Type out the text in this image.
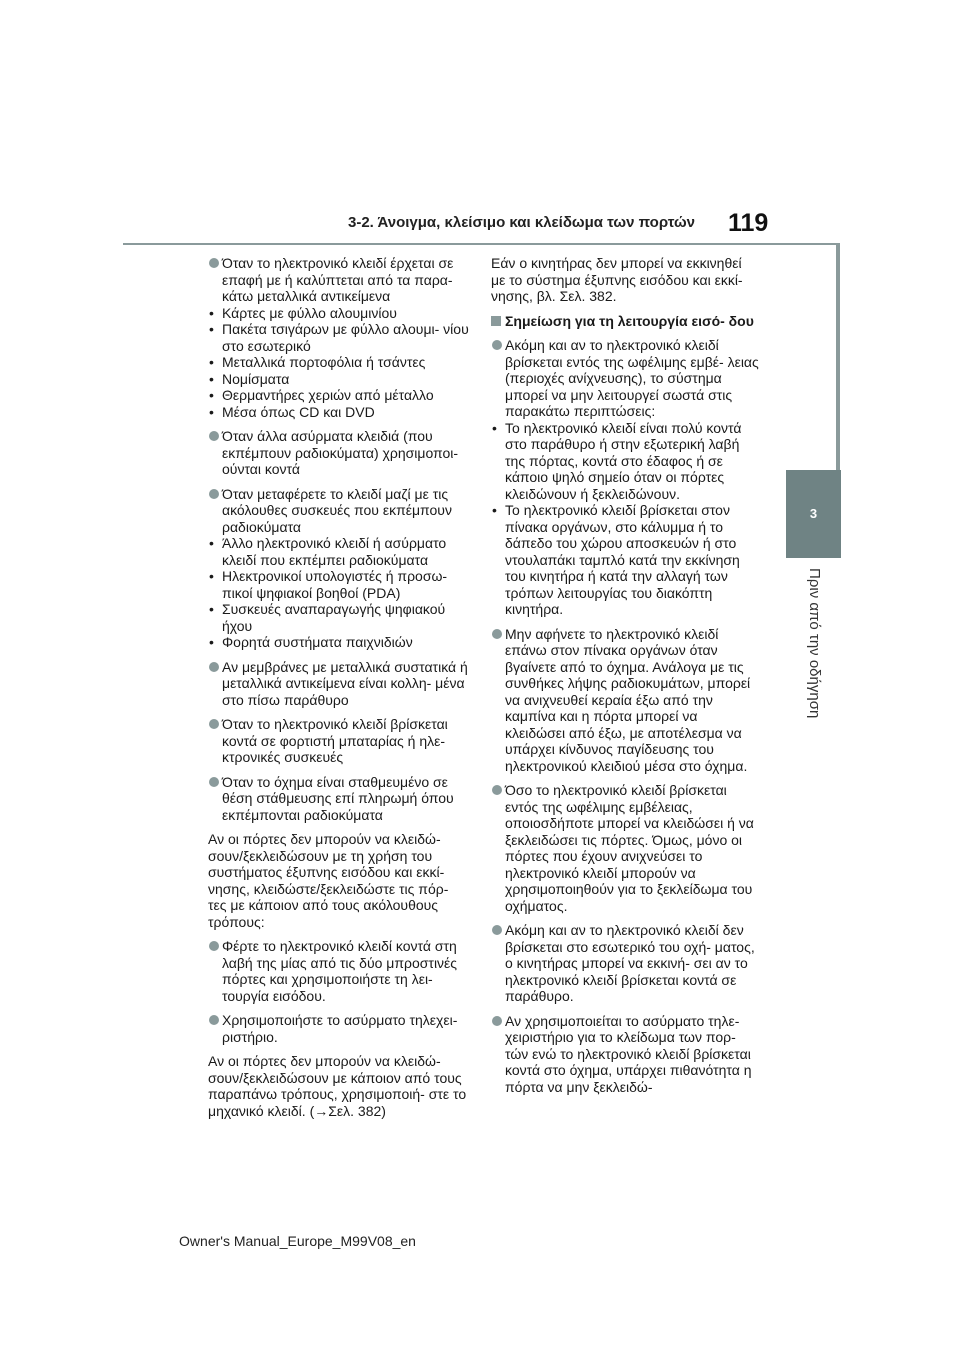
3-2. Άνοιγμα, κλείσιμο και κλείδωμα των πορτών 119
3
Πριν από την οδήγηση
Όταν το ηλεκτρονικό κλειδί έρχεται σε επαφή με ή καλύπτεται από τα παρα- κάτω μεταλλικά αντικείμενα
• Κάρτες με φύλλο αλουμινίου
• Πακέτα τσιγάρων με φύλλο αλουμι- νίου στο εσωτερικό
• Μεταλλικά πορτοφόλια ή τσάντες
• Νομίσματα
• Θερμαντήρες χεριών από μέταλλο
• Μέσα όπως CD και DVD
Όταν άλλα ασύρματα κλειδιά (που εκπέμπουν ραδιοκύματα) χρησιμοποι- ούνται κοντά
Όταν μεταφέρετε το κλειδί μαζί με τις ακόλουθες συσκευές που εκπέμπουν ραδιοκύματα
• Άλλο ηλεκτρονικό κλειδί ή ασύρματο κλειδί που εκπέμπει ραδιοκύματα
• Ηλεκτρονικοί υπολογιστές ή προσω- πικοί ψηφιακοί βοηθοί (PDA)
• Συσκευές αναπαραγωγής ψηφιακού ήχου
• Φορητά συστήματα παιχνιδιών
Αν μεμβράνες με μεταλλικά συστατικά ή μεταλλικά αντικείμενα είναι κολλη- μένα στο πίσω παράθυρο
Όταν το ηλεκτρονικό κλειδί βρίσκεται κοντά σε φορτιστή μπαταρίας ή ηλε- κτρονικές συσκευές
Όταν το όχημα είναι σταθμευμένο σε θέση στάθμευσης επί πληρωμή όπου εκπέμπονται ραδιοκύματα
Αν οι πόρτες δεν μπορούν να κλειδώ- σουν/ξεκλειδώσουν με τη χρήση του συστήματος έξυπνης εισόδου και εκκί- νησης, κλειδώστε/ξεκλειδώστε τις πόρ- τες με κάποιον από τους ακόλουθους τρόπους:
Φέρτε το ηλεκτρονικό κλειδί κοντά στη λαβή της μίας από τις δύο μπροστινές πόρτες και χρησιμοποιήστε τη λει- τουργία εισόδου.
Χρησιμοποιήστε το ασύρματο τηλεχει- ριστήριο.
Αν οι πόρτες δεν μπορούν να κλειδώ- σουν/ξεκλειδώσουν με κάποιον από τους παραπάνω τρόπους, χρησιμοποιή- στε το μηχανικό κλειδί. (→Σελ. 382)
Εάν ο κινητήρας δεν μπορεί να εκκινηθεί με το σύστημα έξυπνης εισόδου και εκκί- νησης, βλ. Σελ. 382.
Σημείωση για τη λειτουργία εισό- δου
Ακόμη και αν το ηλεκτρονικό κλειδί βρίσκεται εντός της ωφέλιμης εμβέ- λειας (περιοχές ανίχνευσης), το σύστημα μπορεί να μην λειτουργεί σωστά στις παρακάτω περιπτώσεις:
• Το ηλεκτρονικό κλειδί είναι πολύ κοντά στο παράθυρο ή στην εξωτερική λαβή της πόρτας, κοντά στο έδαφος ή σε κάποιο ψηλό σημείο όταν οι πόρτες κλειδώνουν ή ξεκλειδώνουν.
• Το ηλεκτρονικό κλειδί βρίσκεται στον πίνακα οργάνων, στο κάλυμμα ή το δάπεδο του χώρου αποσκευών ή στο ντουλαπάκι ταμπλό κατά την εκκίνηση του κινητήρα ή κατά την αλλαγή των τρόπων λειτουργίας του διακόπτη κινητήρα.
Μην αφήνετε το ηλεκτρονικό κλειδί επάνω στον πίνακα οργάνων όταν βγαίνετε από το όχημα. Ανάλογα με τις συνθήκες λήψης ραδιοκυμάτων, μπορεί να ανιχνευθεί κεραία έξω από την καμπίνα και η πόρτα μπορεί να κλειδώσει από έξω, με αποτέλεσμα να υπάρχει κίνδυνος παγίδευσης του ηλεκτρονικού κλειδιού μέσα στο όχημα.
Όσο το ηλεκτρονικό κλειδί βρίσκεται εντός της ωφέλιμης εμβέλειας, οποιοσδήποτε μπορεί να κλειδώσει ή να ξεκλειδώσει τις πόρτες. Όμως, μόνο οι πόρτες που έχουν ανιχνεύσει το ηλεκτρονικό κλειδί μπορούν να χρησιμοποιηθούν για το ξεκλείδωμα του οχήματος.
Ακόμη και αν το ηλεκτρονικό κλειδί δεν βρίσκεται στο εσωτερικό του οχή- ματος, ο κινητήρας μπορεί να εκκινή- σει αν το ηλεκτρονικό κλειδί βρίσκεται κοντά σε παράθυρο.
Αν χρησιμοποιείται το ασύρματο τηλε- χειριστήριο για το κλείδωμα των πορ- τών ενώ το ηλεκτρονικό κλειδί βρίσκεται κοντά στο όχημα, υπάρχει πιθανότητα η πόρτα να μην ξεκλειδώ-
Owner's Manual_Europe_M99V08_en
